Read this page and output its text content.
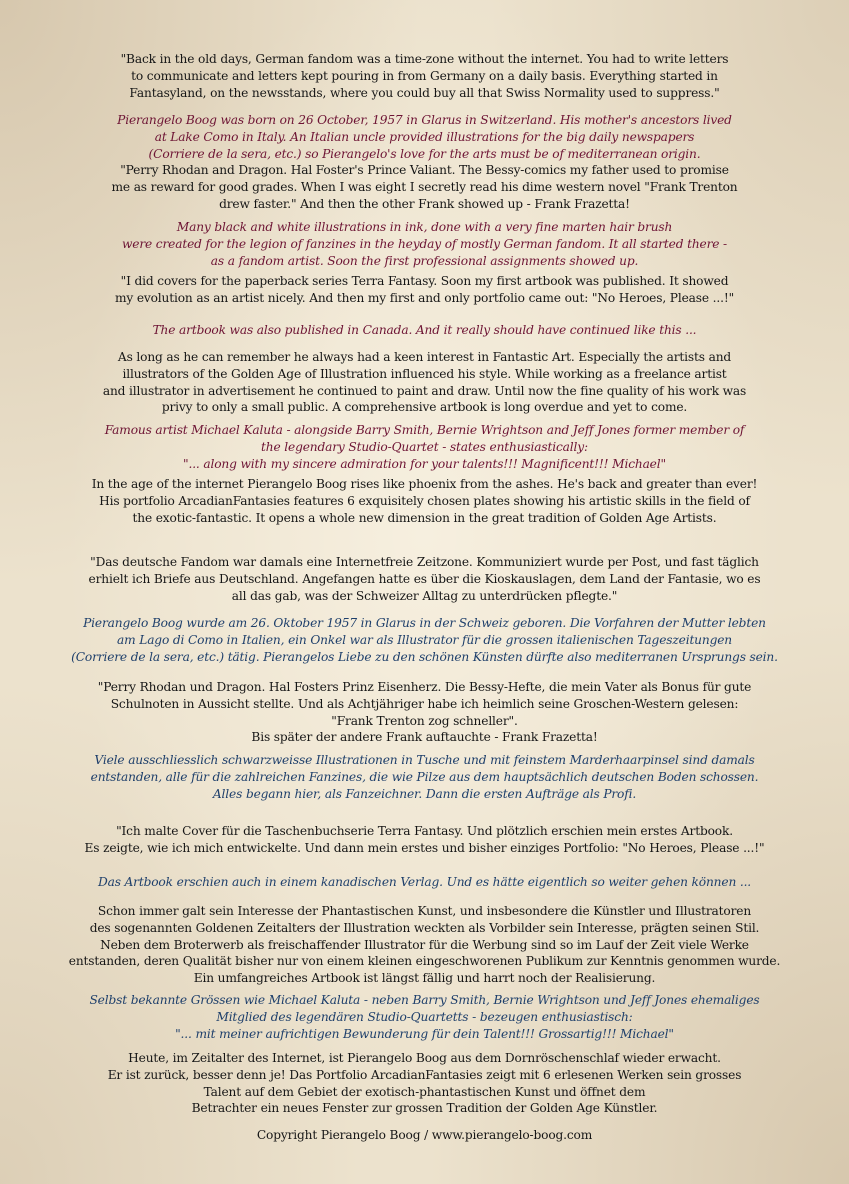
"Back in the old days, German fandom was a time-zone without the internet. You had to write letters
to communicate and letters kept pouring in from Germany on a daily basis. Everything started in
Fantasyland, on the newsstands, where you could buy all that Swiss Normality used to suppress."

Pierangelo Boog was born on 26 October, 1957 in Glarus in Switzerland. His mother's ancestors lived
at Lake Como in Italy. An Italian uncle provided illustrations for the big daily newspapers
(Corriere de la sera, etc.) so Pierangelo's love for the arts must be of mediterranean origin.

"Perry Rhodan and Dragon. Hal Foster's Prince Valiant. The Bessy-comics my father used to promise
me as reward for good grades. When I was eight I secretly read his dime western novel "Frank Trenton
drew faster." And then the other Frank showed up - Frank Frazetta!

Many black and white illustrations in ink, done with a very fine marten hair brush
were created for the legion of fanzines in the heyday of mostly German fandom. It all started there -
as a fandom artist. Soon the first professional assignments showed up.

"I did covers for the paperback series Terra Fantasy. Soon my first artbook was published. It showed
my evolution as an artist nicely. And then my first and only portfolio came out: "No Heroes, Please ...!"

The artbook was also published in Canada. And it really should have continued like this ...

As long as he can remember he always had a keen interest in Fantastic Art. Especially the artists and
illustrators of the Golden Age of Illustration influenced his style. While working as a freelance artist
and illustrator in advertisement he continued to paint and draw. Until now the fine quality of his work was
privy to only a small public. A comprehensive artbook is long overdue and yet to come.

Famous artist Michael Kaluta - alongside Barry Smith, Bernie Wrightson and Jeff Jones former member of
the legendary Studio-Quartet - states enthusiastically:
"... along with my sincere admiration for your talents!!! Magnificent!!! Michael"

In the age of the internet Pierangelo Boog rises like phoenix from the ashes. He's back and greater than ever!
His portfolio ArcadianFantasies features 6 exquisitely chosen plates showing his artistic skills in the field of
the exotic-fantastic. It opens a whole new dimension in the great tradition of Golden Age Artists.

"Das deutsche Fandom war damals eine Internetfreie Zeitzone. Kommuniziert wurde per Post, und fast täglich
erhielt ich Briefe aus Deutschland. Angefangen hatte es über die Kioskauslagen, dem Land der Fantasie, wo es
all das gab, was der Schweizer Alltag zu unterdrücken pflegte."

Pierangelo Boog wurde am 26. Oktober 1957 in Glarus in der Schweiz geboren. Die Vorfahren der Mutter lebten
am Lago di Como in Italien, ein Onkel war als Illustrator für die grossen italienischen Tageszeitungen
(Corriere de la sera, etc.) tätig. Pierangelos Liebe zu den schönen Künsten dürfte also mediterranen Ursprungs sein.

"Perry Rhodan und Dragon. Hal Fosters Prinz Eisenherz. Die Bessy-Hefte, die mein Vater als Bonus für gute
Schulnoten in Aussicht stellte. Und als Achtjähriger habe ich heimlich seine Groschen-Western gelesen:
"Frank Trenton zog schneller".
Bis später der andere Frank auftauchte - Frank Frazetta!

Viele ausschliesslich schwarzweisse Illustrationen in Tusche und mit feinstem Marderhaarpinsel sind damals
entstanden, alle für die zahlreichen Fanzines, die wie Pilze aus dem hauptsächlich deutschen Boden schossen.
Alles begann hier, als Fanzeichner. Dann die ersten Aufträge als Profi.

"Ich malte Cover für die Taschenbuchserie Terra Fantasy. Und plötzlich erschien mein erstes Artbook.
Es zeigte, wie ich mich entwickelte. Und dann mein erstes und bisher einziges Portfolio: "No Heroes, Please ...!"

Das Artbook erschien auch in einem kanadischen Verlag. Und es hätte eigentlich so weiter gehen können ...

Schon immer galt sein Interesse der Phantastischen Kunst, und insbesondere die Künstler und Illustratoren
des sogenannten Goldenen Zeitalters der Illustration weckten als Vorbilder sein Interesse, prägten seinen Stil.
Neben dem Broterwerb als freischaffender Illustrator für die Werbung sind so im Lauf der Zeit viele Werke
entstanden, deren Qualität bisher nur von einem kleinen eingeschworenen Publikum zur Kenntnis genommen wurde.
Ein umfangreiches Artbook ist längst fällig und harrt noch der Realisierung.

Selbst bekannte Grössen wie Michael Kaluta - neben Barry Smith, Bernie Wrightson und Jeff Jones ehemaliges
Mitglied des legendären Studio-Quartetts - bezeugen enthusiastisch:
"... mit meiner aufrichtigen Bewunderung für dein Talent!!! Grossartig!!! Michael"

Heute, im Zeitalter des Internet, ist Pierangelo Boog aus dem Dornröschenschlaf wieder erwacht.
Er ist zurück, besser denn je! Das Portfolio ArcadianFantasies zeigt mit 6 erlesenen Werken sein grosses
Talent auf dem Gebiet der exotisch-phantastischen Kunst und öffnet dem
Betrachter ein neues Fenster zur grossen Tradition der Golden Age Künstler.

Copyright Pierangelo Boog / www.pierangelo-boog.com
